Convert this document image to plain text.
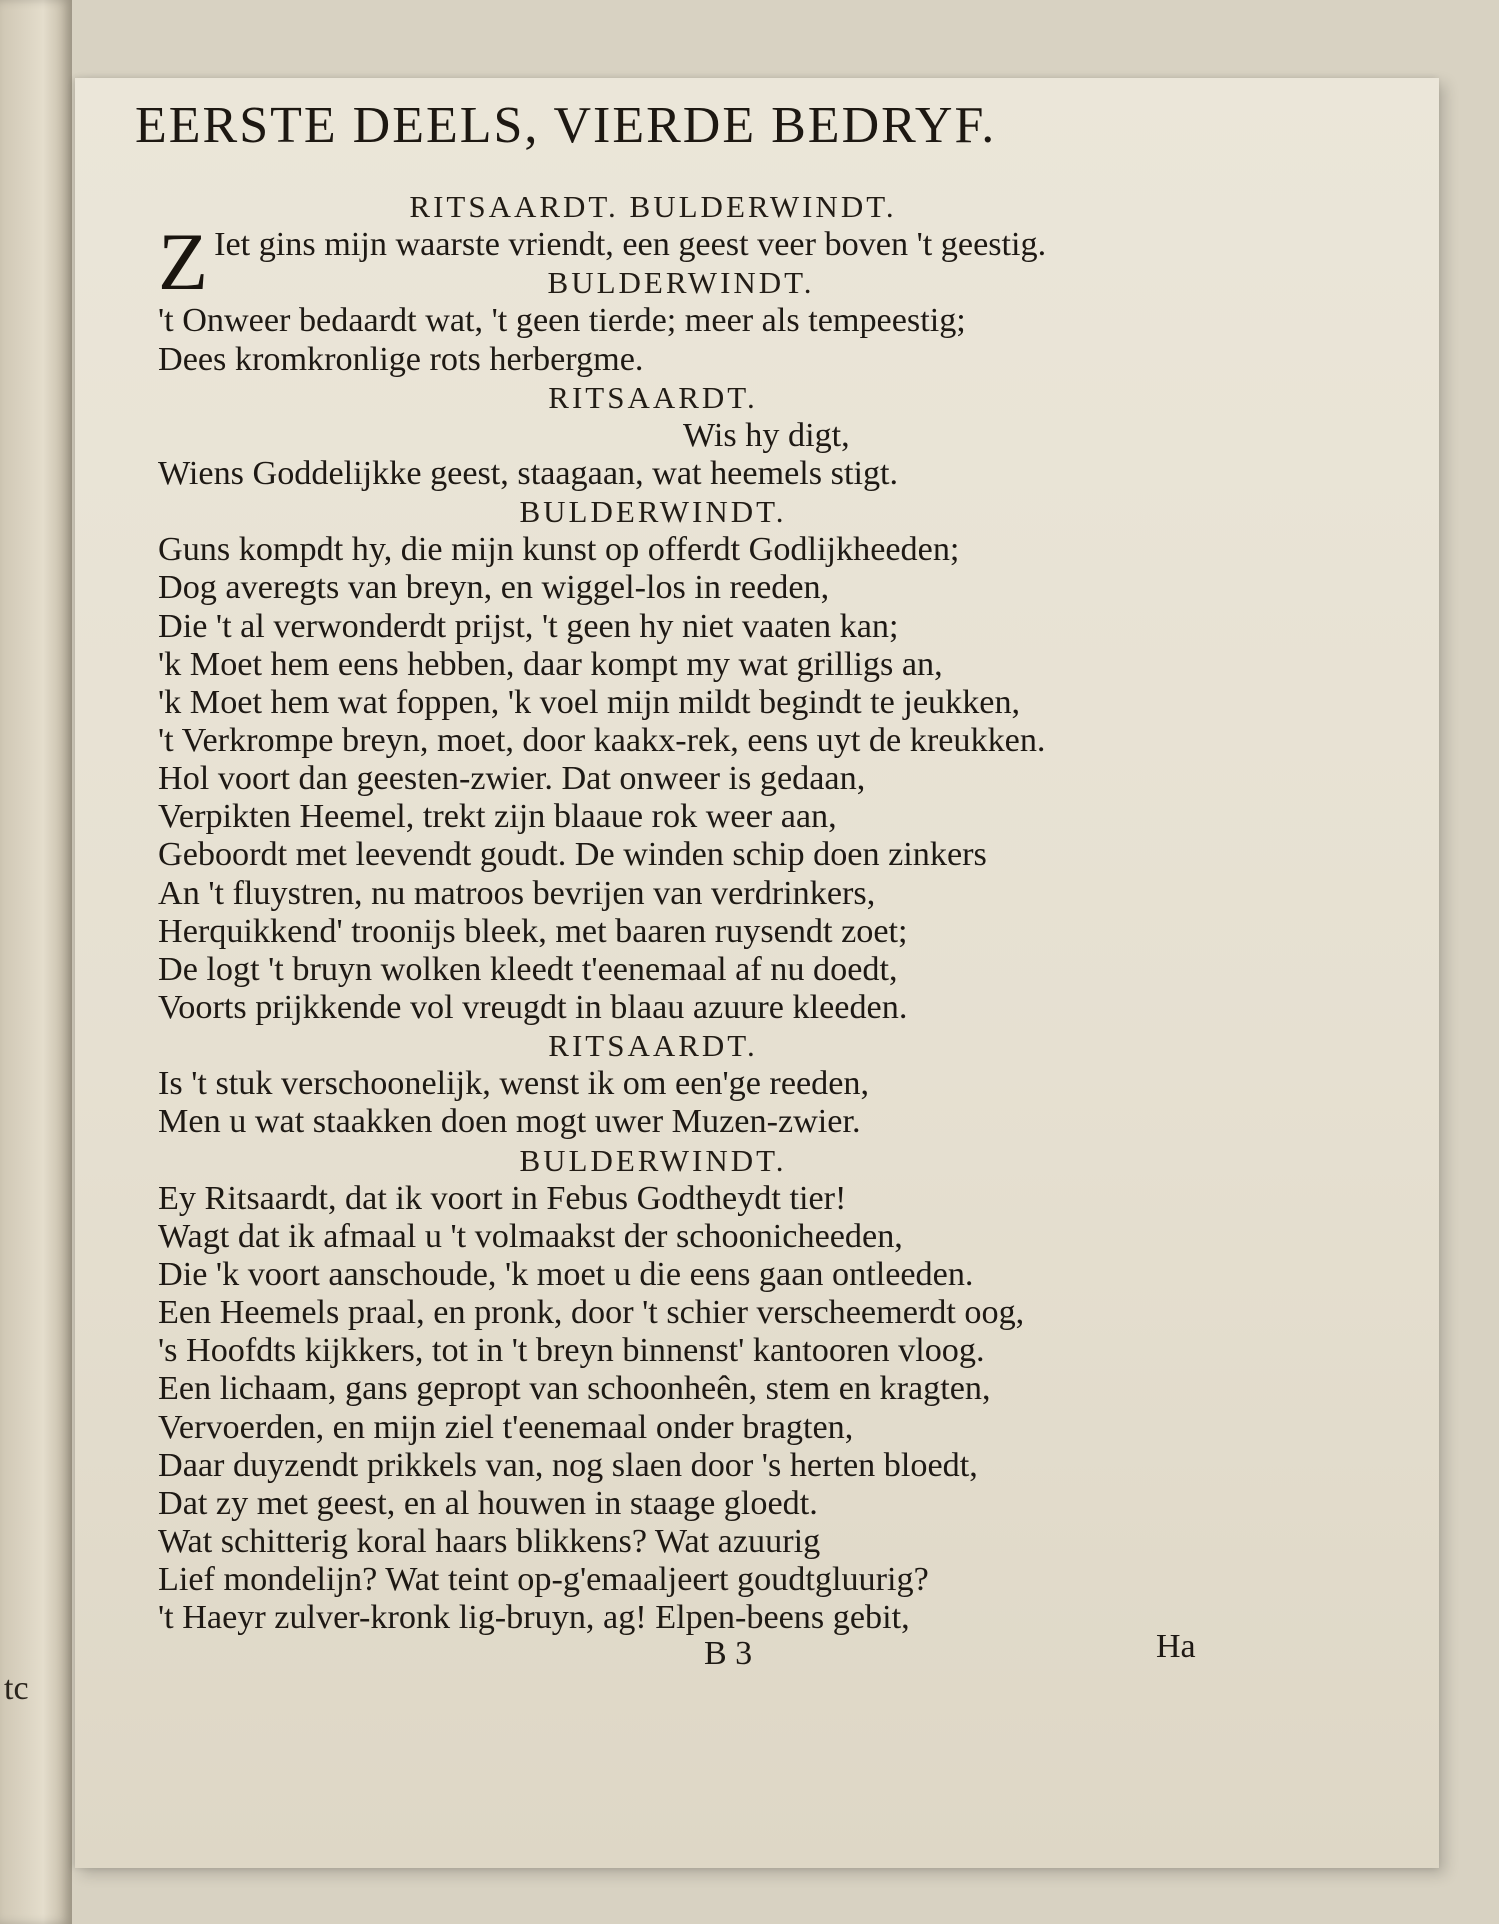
tc
EERSTE DEELS, VIERDE BEDRYF.
RITSAARDT. BULDERWINDT.
Z Iet gins mijn waarste vriendt, een geest veer boven 't geestig.
BULDERWINDT.
't Onweer bedaardt wat, 't geen tierde; meer als tempeestig;
Dees kromkronlige rots herbergme.
RITSAARDT.
Wis hy digt,
Wiens Goddelijkke geest, staagaan, wat heemels stigt.
BULDERWINDT.
Guns kompdt hy, die mijn kunst op offerdt Godlijkheeden;
Dog averegts van breyn, en wiggel-los in reeden,
Die 't al verwonderdt prijst, 't geen hy niet vaaten kan;
'k Moet hem eens hebben, daar kompt my wat grilligs an,
'k Moet hem wat foppen, 'k voel mijn mildt begindt te jeukken,
't Verkrompe breyn, moet, door kaakx-rek, eens uyt de kreukken.
Hol voort dan geesten-zwier. Dat onweer is gedaan,
Verpikten Heemel, trekt zijn blaaue rok weer aan,
Geboordt met leevendt goudt. De winden schip doen zinkers
An 't fluystren, nu matroos bevrijen van verdrinkers,
Herquikkend' troonijs bleek, met baaren ruysendt zoet;
De logt 't bruyn wolken kleedt t'eenemaal af nu doedt,
Voorts prijkkende vol vreugdt in blaau azuure kleeden.
RITSAARDT.
Is 't stuk verschoonelijk, wenst ik om een'ge reeden,
Men u wat staakken doen mogt uwer Muzen-zwier.
BULDERWINDT.
Ey Ritsaardt, dat ik voort in Febus Godtheydt tier!
Wagt dat ik afmaal u 't volmaakst der schoonicheeden,
Die 'k voort aanschoude, 'k moet u die eens gaan ontleeden.
Een Heemels praal, en pronk, door 't schier verscheemerdt oog,
's Hoofdts kijkkers, tot in 't breyn binnenst' kantooren vloog.
Een lichaam, gans gepropt van schoonheên, stem en kragten,
Vervoerden, en mijn ziel t'eenemaal onder bragten,
Daar duyzendt prikkels van, nog slaen door 's herten bloedt,
Dat zy met geest, en al houwen in staage gloedt.
Wat schitterig koral haars blikkens? Wat azuurig
Lief mondelijn? Wat teint op-g'emaaljeert goudtgluurig?
't Haeyr zulver-kronk lig-bruyn, ag! Elpen-beens gebit,
B 3	Ha
